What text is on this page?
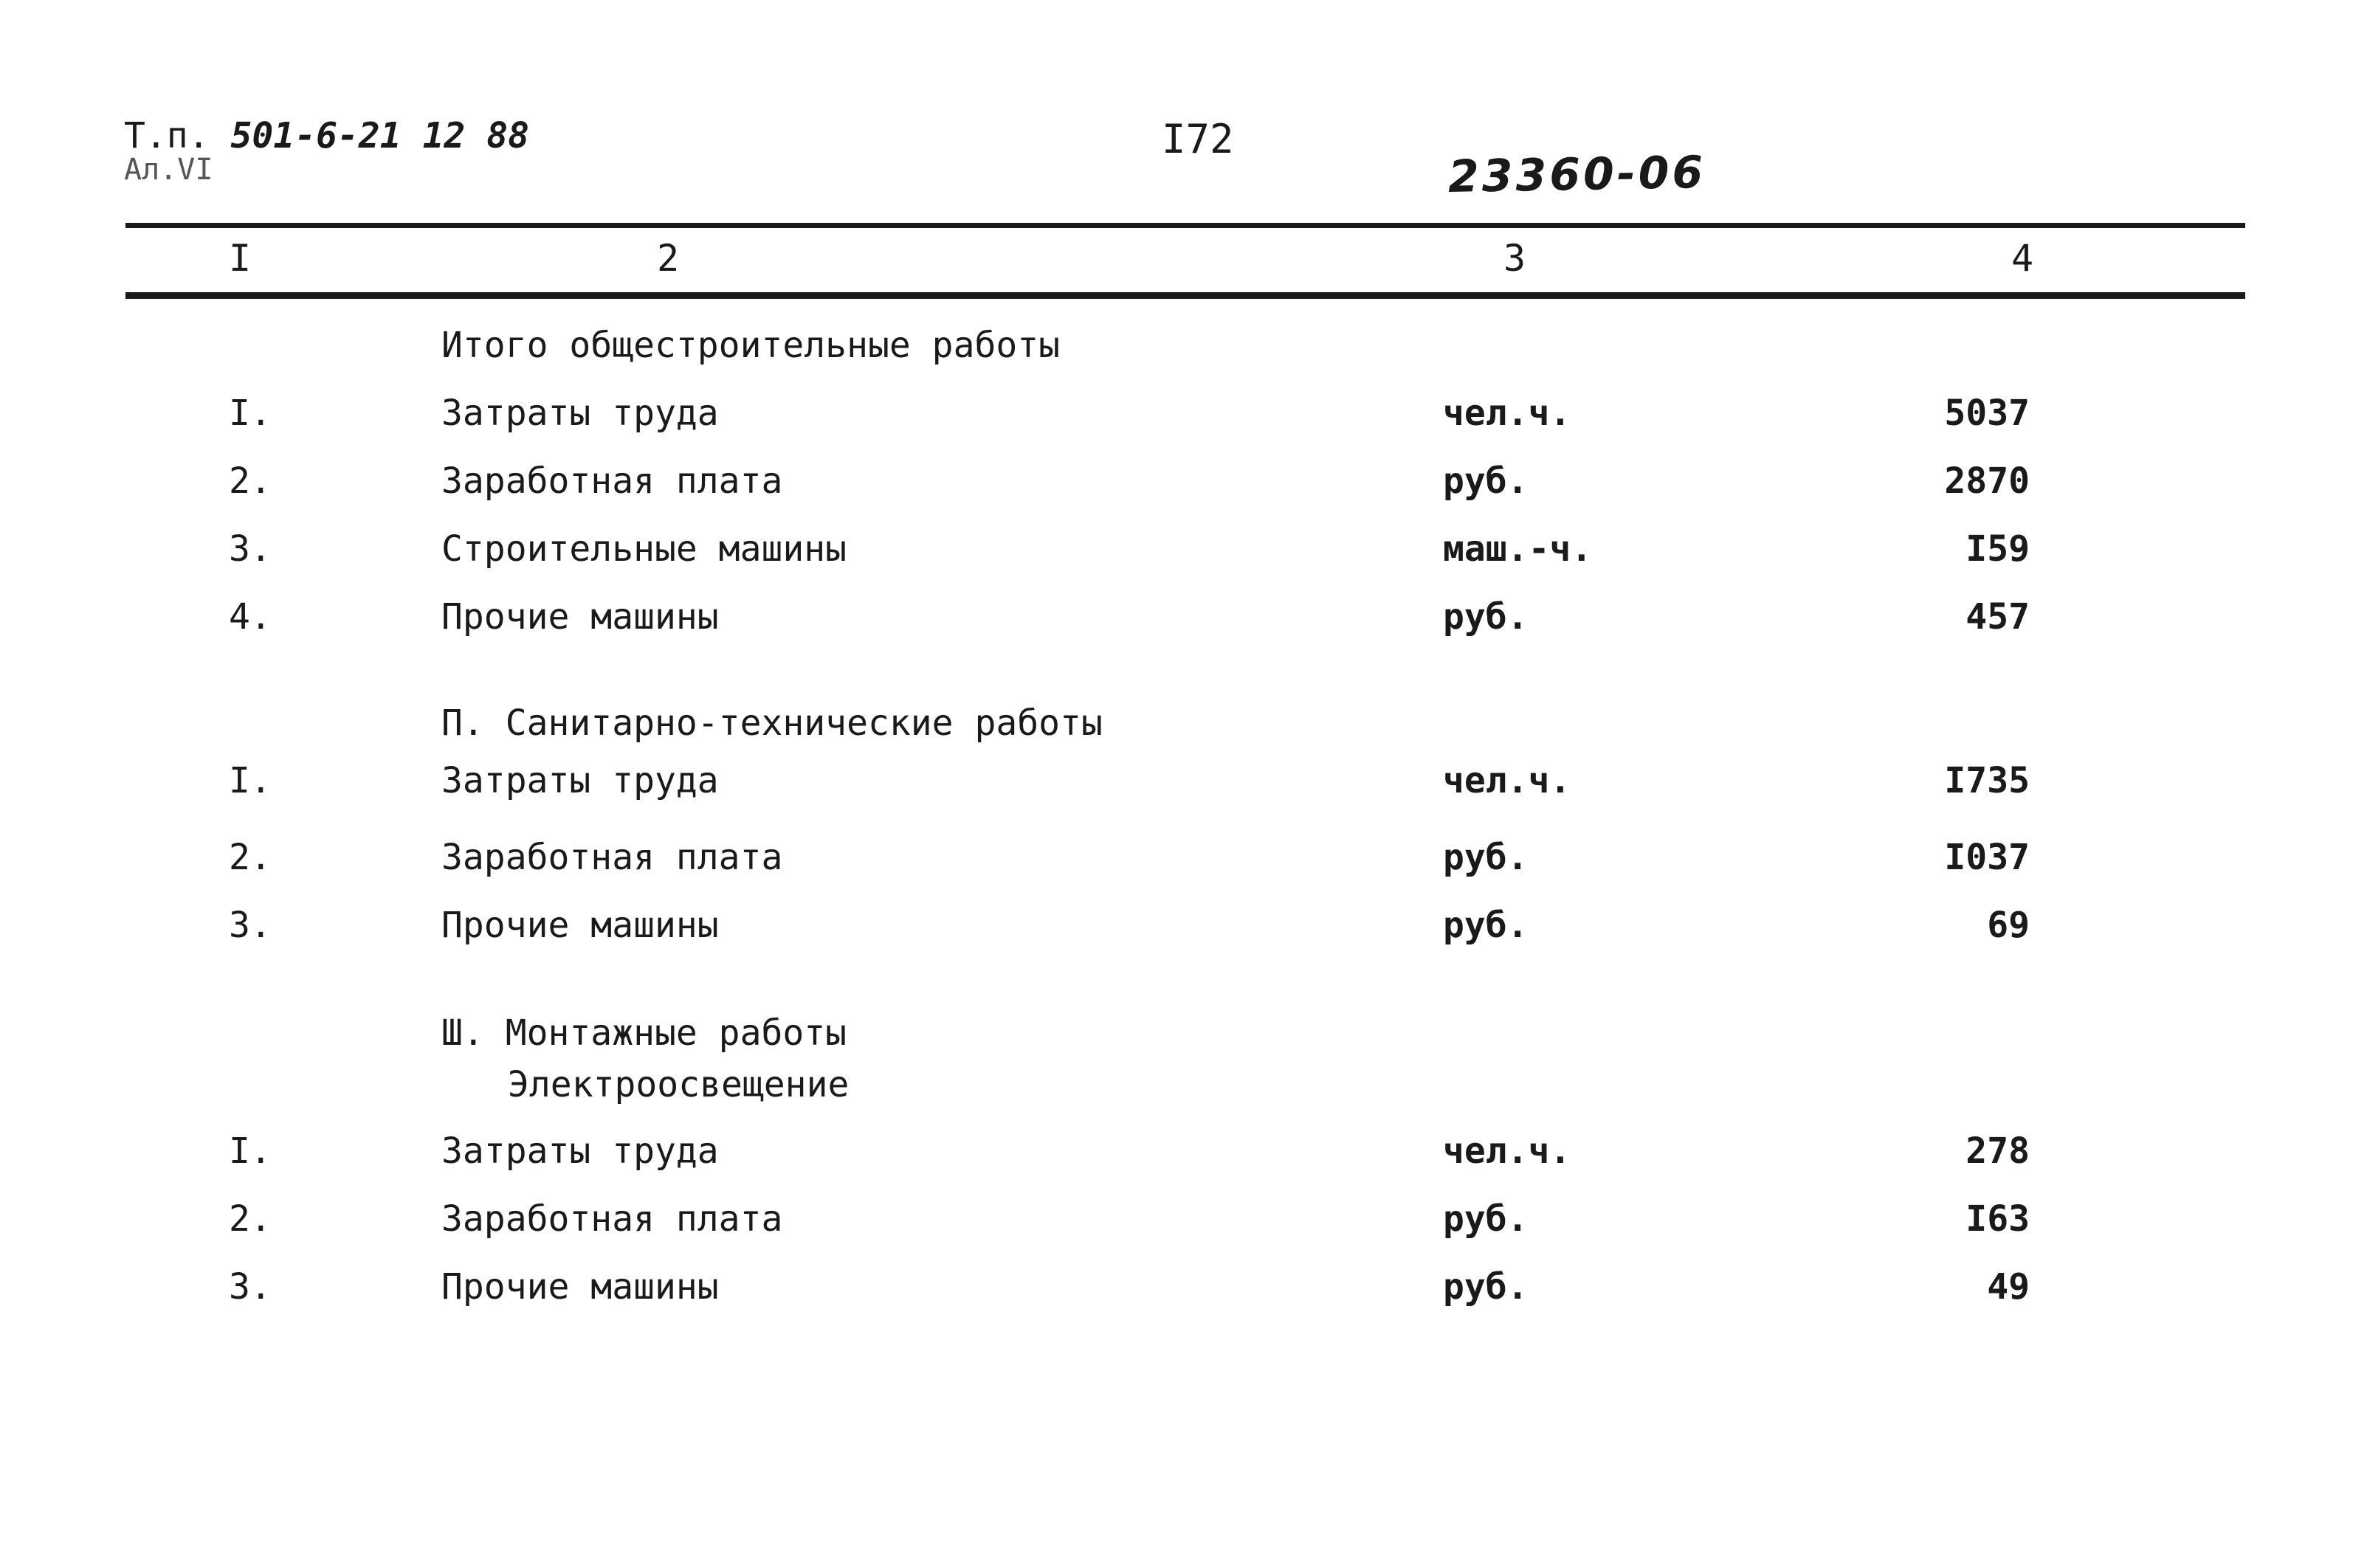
Т.п. 501-6-21 12 88
Ал.VI
I72
23360-06
I	2	3	4
Итого общестроительные работы
I.	Затраты труда	чел.ч.	5037
2.	Заработная плата	руб.	2870
3.	Строительные машины	маш.-ч.	I59
4.	Прочие машины	руб.	457
П. Санитарно-технические работы
I.	Затраты труда	чел.ч.	I735
2.	Заработная плата	руб.	I037
3.	Прочие машины	руб.	69
Ш. Монтажные работы
Электроосвещение
I.	Затраты труда	чел.ч.	278
2.	Заработная плата	руб.	I63
3.	Прочие машины	руб.	49
